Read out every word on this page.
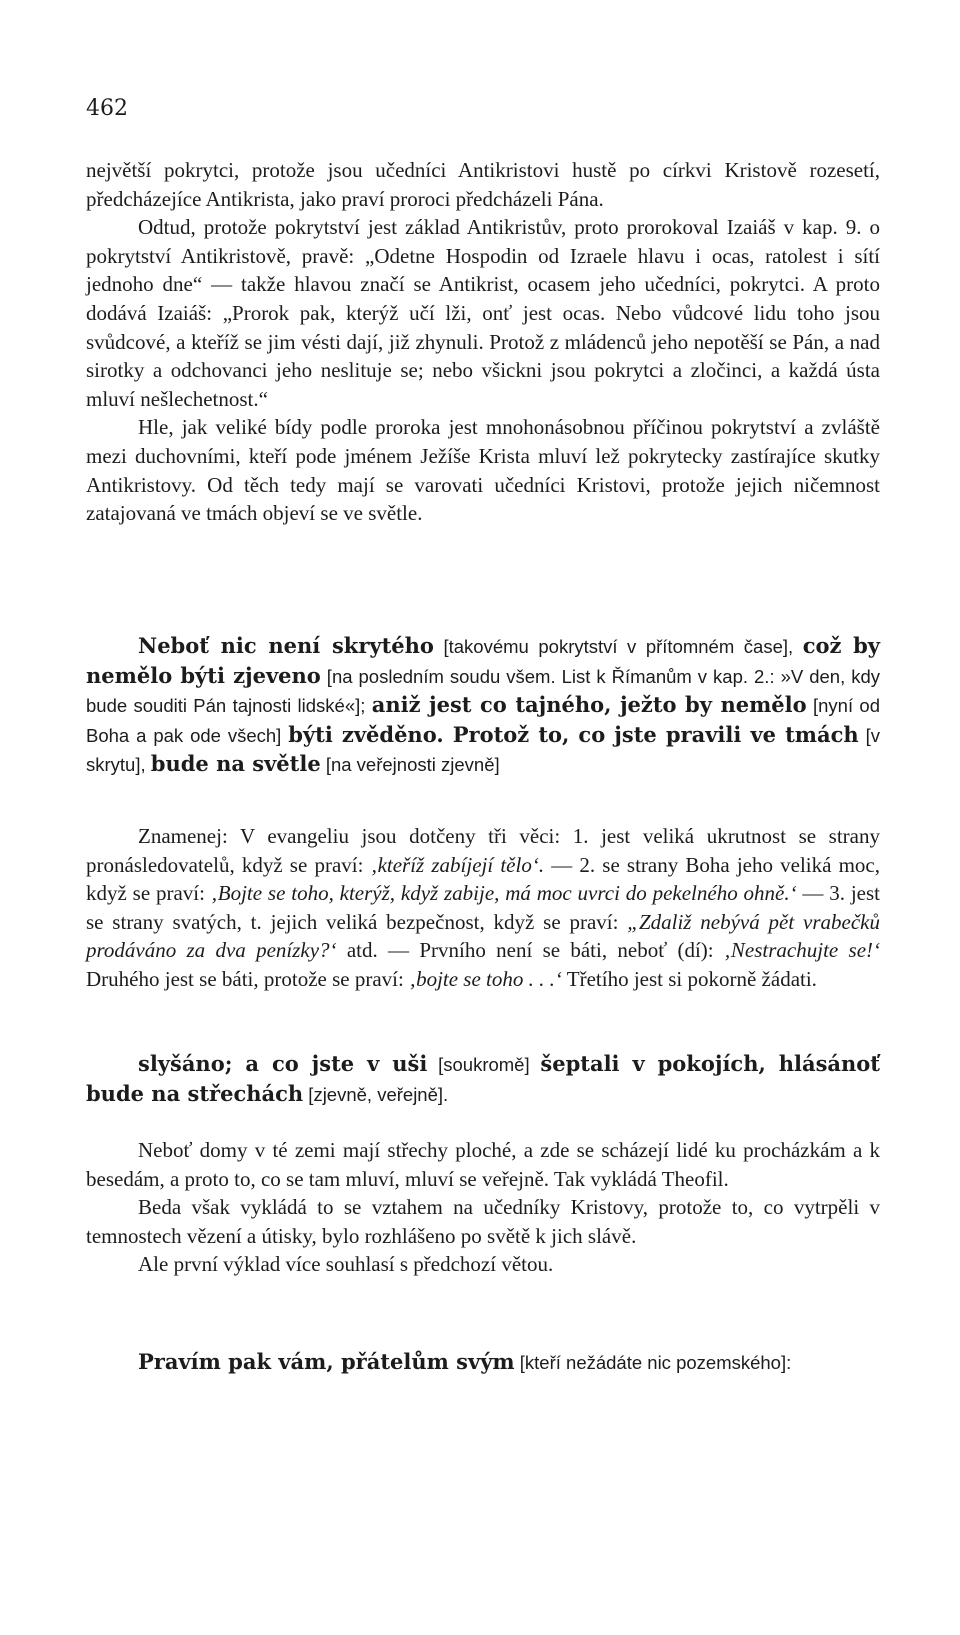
462

největší pokrytci, protože jsou učedníci Antikristovi hustě po církvi Kristově rozesetí, předcházejíce Antikrista, jako praví proroci předcházeli Pána.

Odtud, protože pokrytství jest základ Antikristův, proto prorokoval Izaiáš v kap. 9. o pokrytství Antikristově, pravě: „Odetne Hospodin od Izraele hlavu i ocas, ratolest i sítí jednoho dne“ — takže hlavou značí se Antikrist, ocasem jeho učedníci, pokrytci. A proto dodává Izaiáš: „Prorok pak, kterýž učí lži, onť jest ocas. Nebo vůdcové lidu toho jsou svůdcové, a kteříž se jim vésti dají, již zhynuli. Protož z mládenců jeho nepotěší se Pán, a nad sirotky a odchovanci jeho neslituje se; nebo všickni jsou pokrytci a zločinci, a každá ústa mluví nešlechetnost.“

Hle, jak veliké bídy podle proroka jest mnohonásobnou příčinou pokrytství a zvláště mezi duchovními, kteří pode jménem Ježíše Krista mluví lež pokrytecky zastírajíce skutky Antikristovy. Od těch tedy mají se varovati učedníci Kristovi, protože jejich ničemnost zatajovaná ve tmách objeví se ve světle.

Neboť nic není skrytého [takovému pokrytství v přítomném čase], což by nemělo býti zjeveno [na posledním soudu všem. List k Římanům v kap. 2.: »V den, kdy bude souditi Pán tajnosti lidské«]; aniž jest co tajného, ježto by nemělo [nyní od Boha a pak ode všech] býti zvěděno. Protož to, co jste pravili ve tmách [v skrytu], bude na světle [na veřejnosti zjevně]

Znamenej: V evangeliu jsou dotčeny tři věci: 1. jest veliká ukrutnost se strany pronásledovatelů, když se praví: ‚kteříž zabíjejí tělo‘. — 2. se strany Boha jeho veliká moc, když se praví: ‚Bojte se toho, kterýž, když zabije, má moc uvrci do pekelného ohně.‘ — 3. jest se strany svatých, t. jejich veliká bezpečnost, když se praví: „Zdaliž nebývá pět vrabečků prodáváno za dva penízky?‘ atd. — Prvního není se báti, neboť (dí): ‚Nestrachujte se!‘ Druhého jest se báti, protože se praví: ‚bojte se toho . . .‘ Třetího jest si pokorně žádati.

slyšáno; a co jste v uši [soukromě] šeptali v pokojích, hlásánoť bude na střechách [zjevně, veřejně].

Neboť domy v té zemi mají střechy ploché, a zde se scházejí lidé ku procházkám a k besedám, a proto to, co se tam mluví, mluví se veřejně. Tak vykládá Theofil.

Beda však vykládá to se vztahem na učedníky Kristovy, protože to, co vytrpěli v temnostech vězení a útisky, bylo rozhlášeno po světě k jich slávě.

Ale první výklad více souhlasí s předchozí větou.

Pravím pak vám, přátelům svým [kteří nežádáte nic pozemského]:
